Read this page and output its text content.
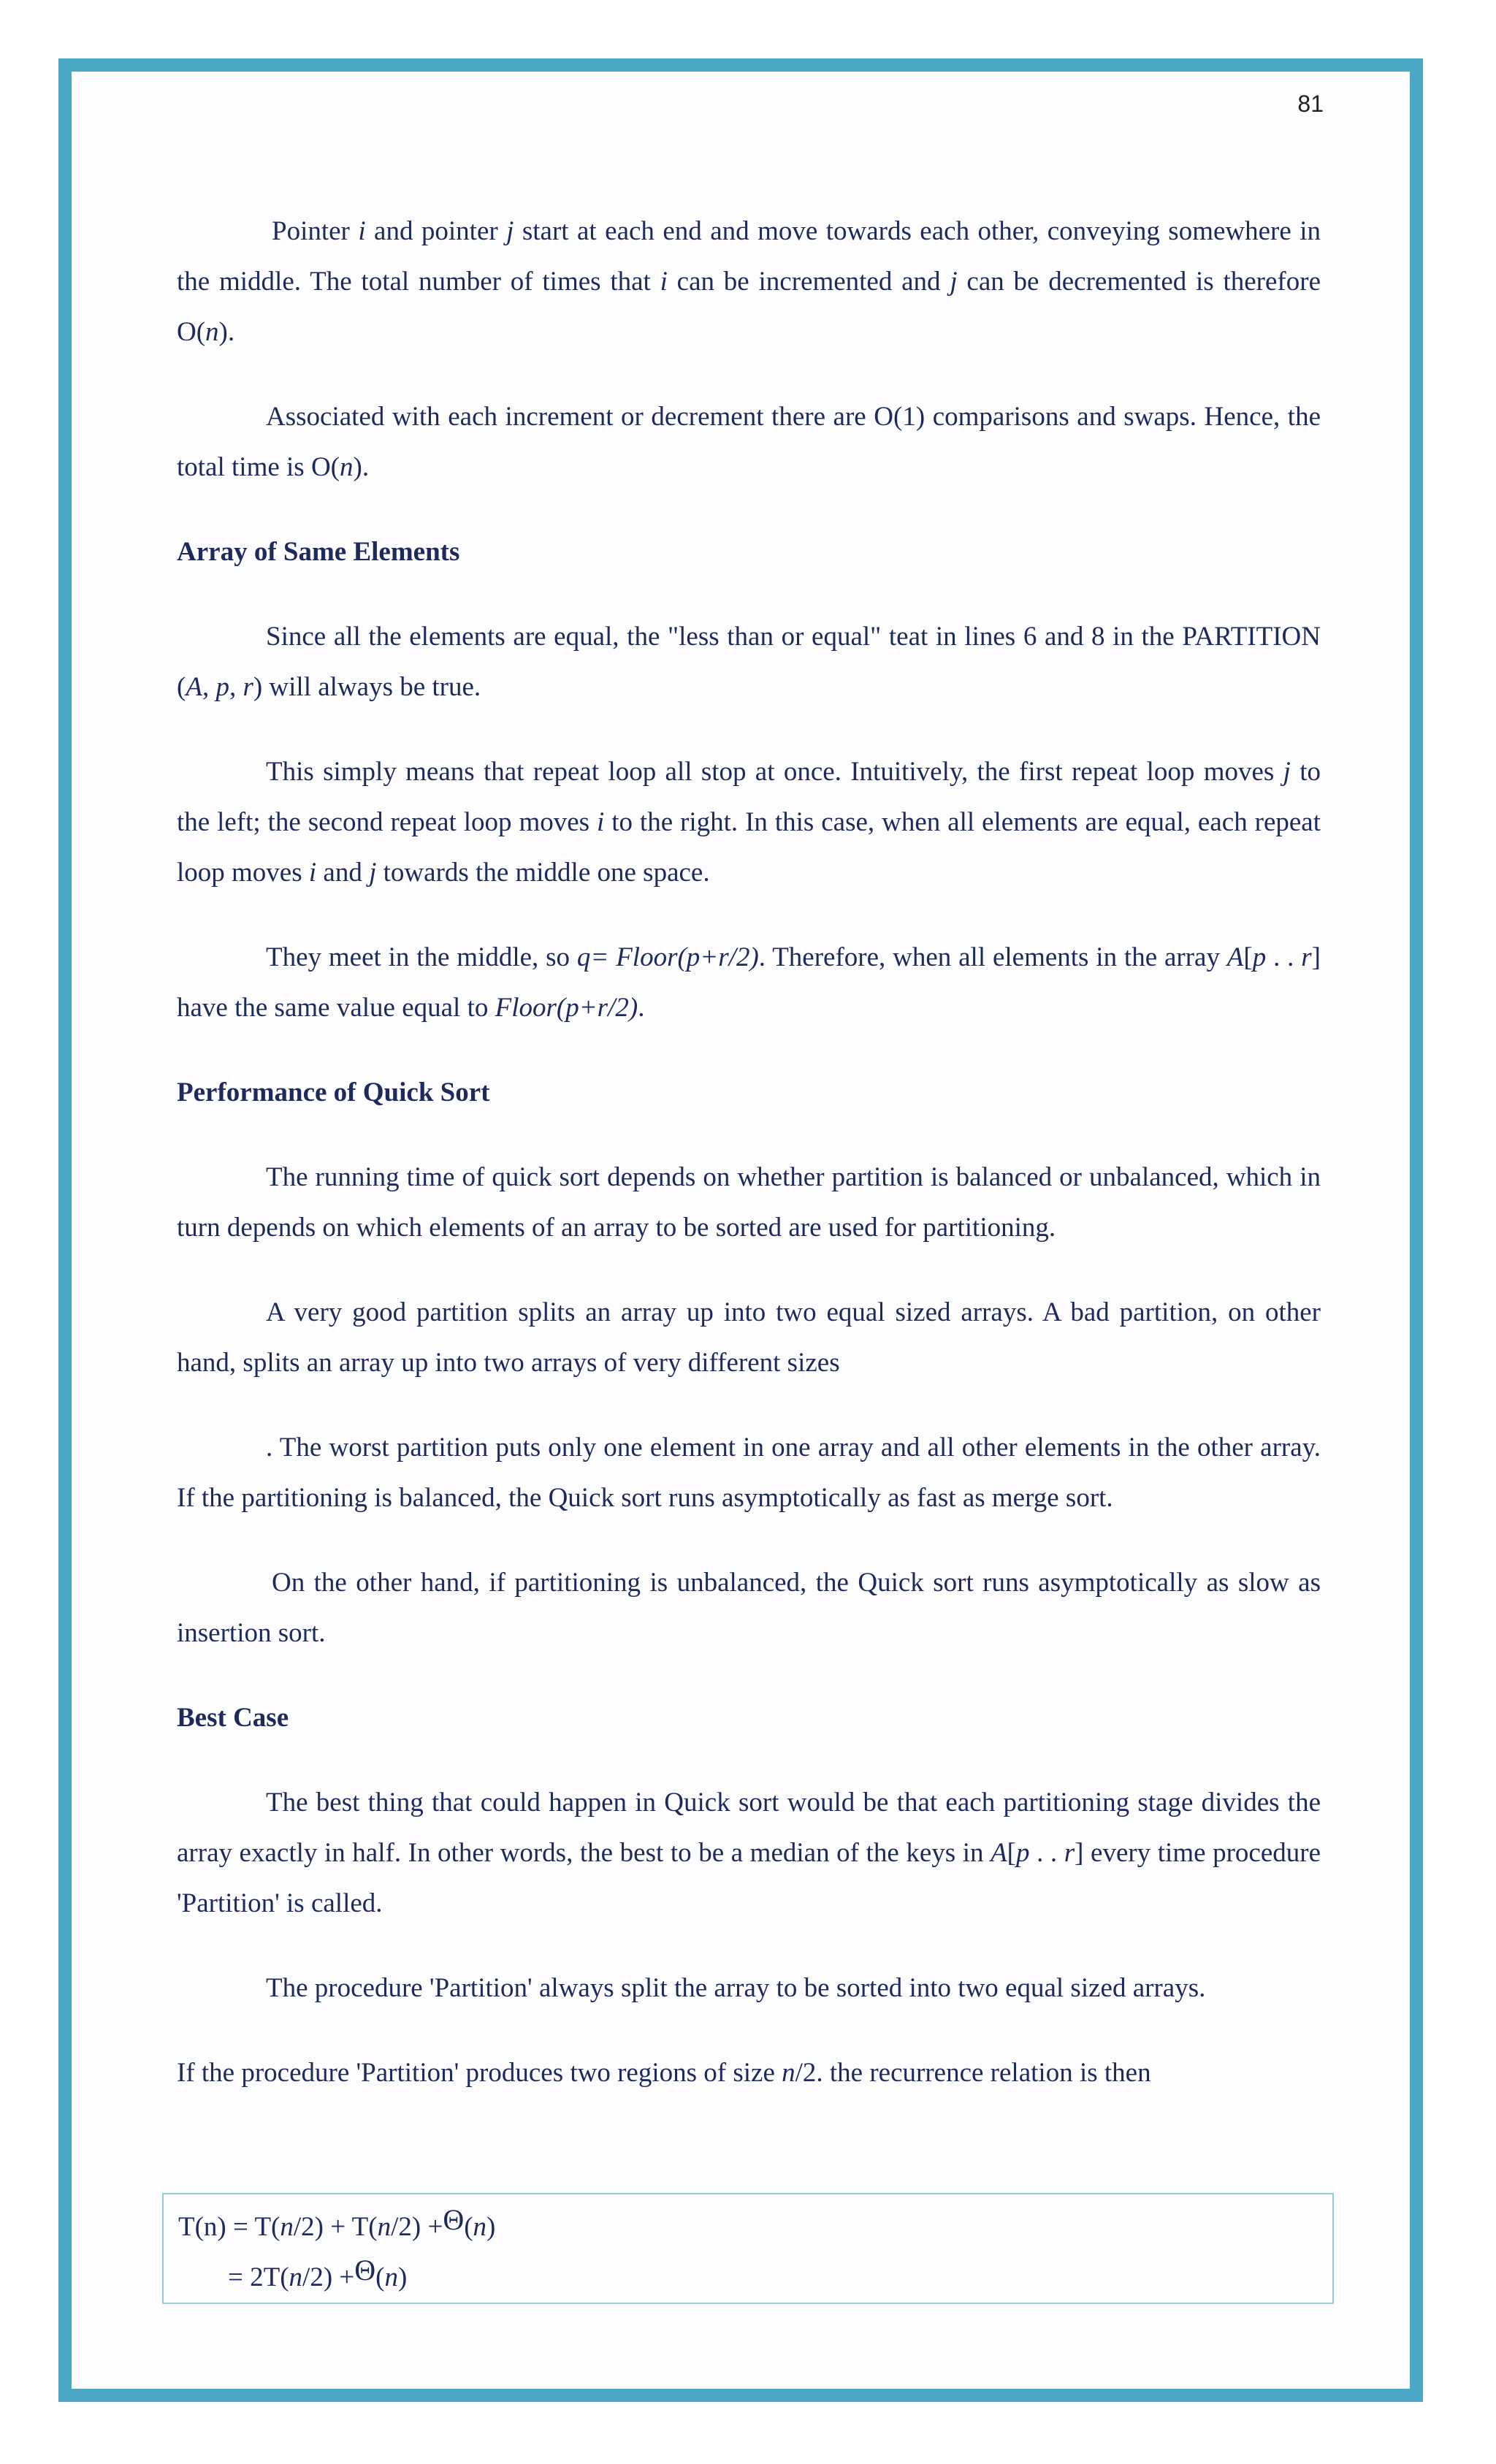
81

Pointer i and pointer j start at each end and move towards each other, conveying somewhere in the middle. The total number of times that i can be incremented and j can be decremented is therefore O(n).

Associated with each increment or decrement there are O(1) comparisons and swaps. Hence, the total time is O(n).

Array of Same Elements

Since all the elements are equal, the "less than or equal" teat in lines 6 and 8 in the PARTITION (A, p, r) will always be true.

This simply means that repeat loop all stop at once. Intuitively, the first repeat loop moves j to the left; the second repeat loop moves i to the right. In this case, when all elements are equal, each repeat loop moves i and j towards the middle one space.

They meet in the middle, so q= Floor(p+r/2). Therefore, when all elements in the array A[p . . r] have the same value equal to Floor(p+r/2).

Performance of Quick Sort

The running time of quick sort depends on whether partition is balanced or unbalanced, which in turn depends on which elements of an array to be sorted are used for partitioning.

A very good partition splits an array up into two equal sized arrays. A bad partition, on other hand, splits an array up into two arrays of very different sizes

. The worst partition puts only one element in one array and all other elements in the other array. If the partitioning is balanced, the Quick sort runs asymptotically as fast as merge sort.

On the other hand, if partitioning is unbalanced, the Quick sort runs asymptotically as slow as insertion sort.

Best Case

The best thing that could happen in Quick sort would be that each partitioning stage divides the array exactly in half. In other words, the best to be a median of the keys in A[p . . r] every time procedure 'Partition' is called.

The procedure 'Partition' always split the array to be sorted into two equal sized arrays.

If the procedure 'Partition' produces two regions of size n/2. the recurrence relation is then

T(n) = T(n/2) + T(n/2) +Θ(n)
= 2T(n/2) +Θ(n)
